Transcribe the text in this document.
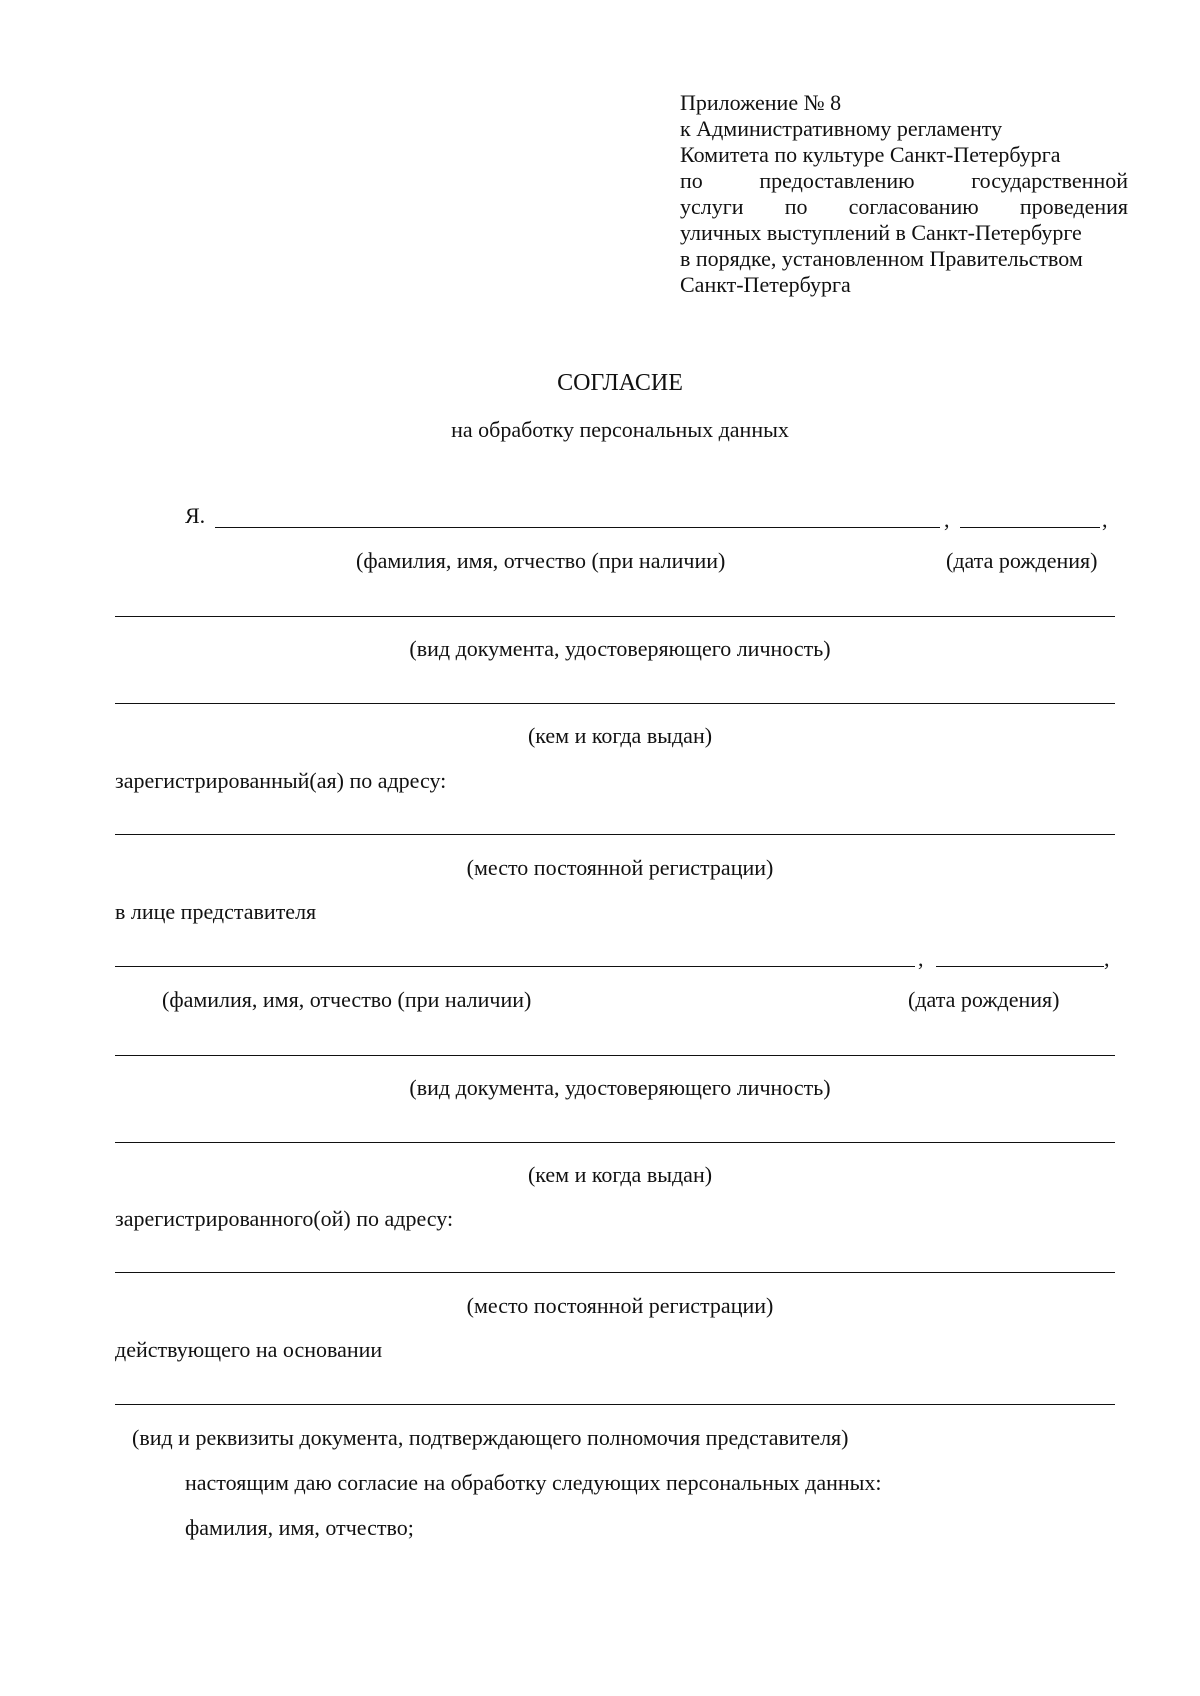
Приложение № 8
к Административному регламенту
Комитета по культуре Санкт-Петербурга
по предоставлению государственной
услуги по согласованию проведения
уличных выступлений в Санкт-Петербурге
в порядке, установленном Правительством
Санкт-Петербурга
СОГЛАСИЕ
на обработку персональных данных
Я.	,	,
(фамилия, имя, отчество (при наличии)	(дата рождения)
(вид документа, удостоверяющего личность)
(кем и когда выдан)
зарегистрированный(ая) по адресу:
(место постоянной регистрации)
в лице представителя
,	,
(фамилия, имя, отчество (при наличии)	(дата рождения)
(вид документа, удостоверяющего личность)
(кем и когда выдан)
зарегистрированного(ой) по адресу:
(место постоянной регистрации)
действующего на основании
(вид и реквизиты документа, подтверждающего полномочия представителя)
настоящим даю согласие на обработку следующих персональных данных:
фамилия, имя, отчество;
